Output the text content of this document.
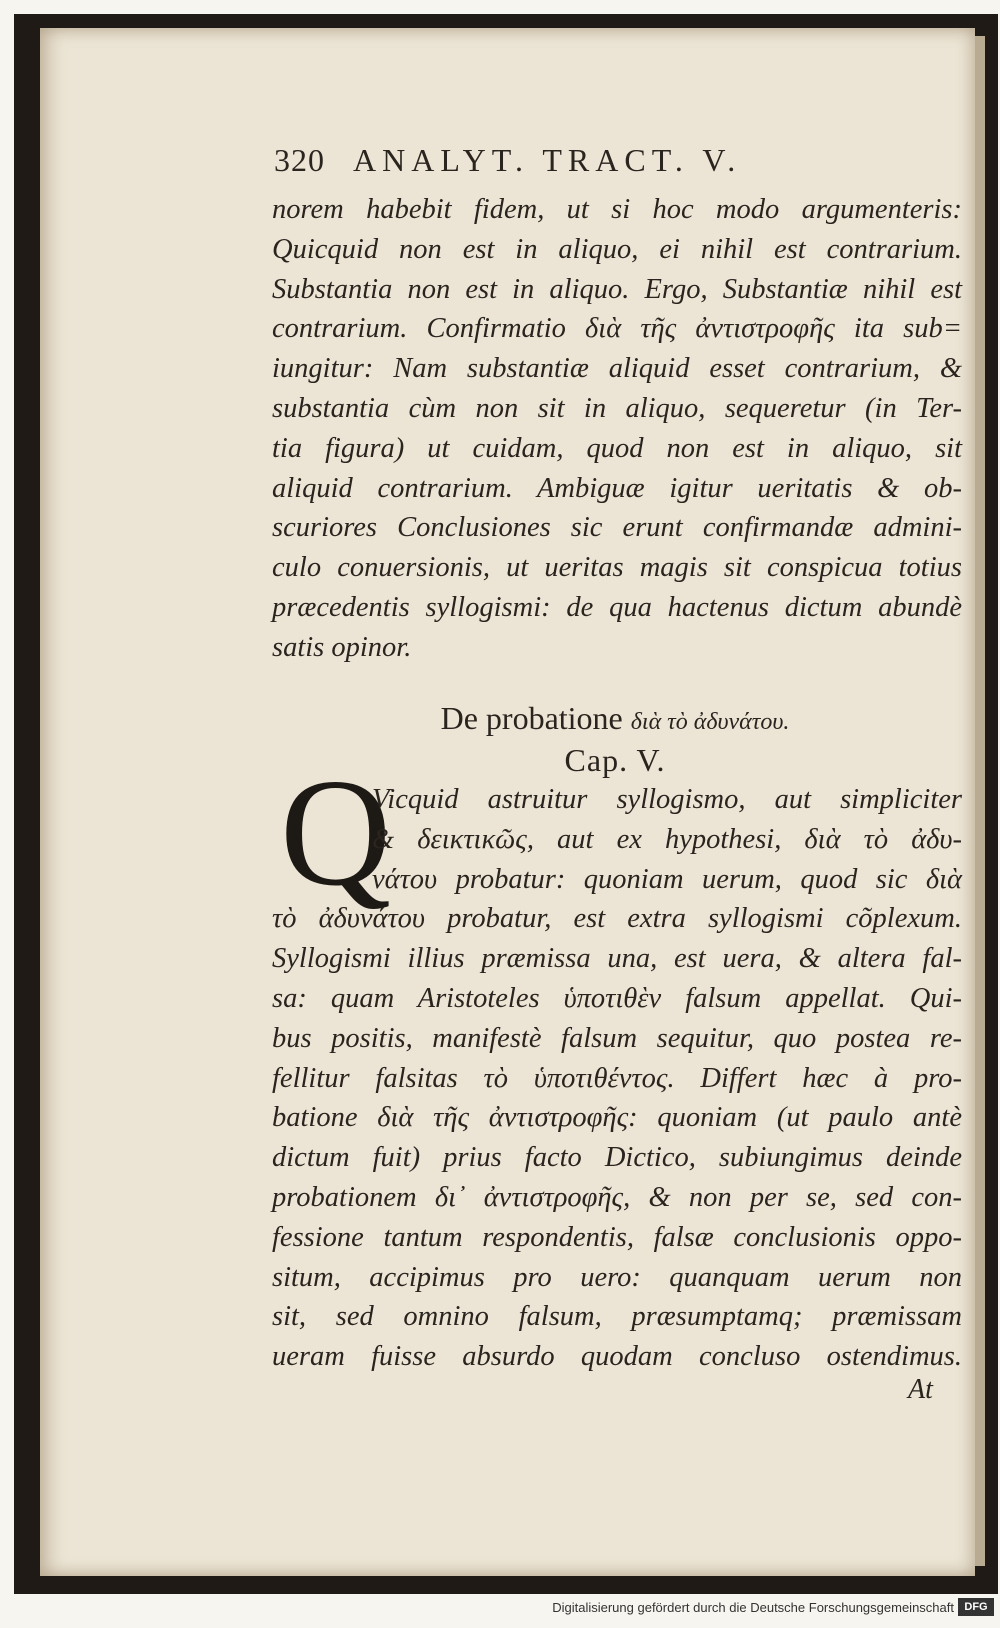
320 ANALYT. TRACT. V.
norem habebit fidem, ut si hoc modo argumenteris:
Quicquid non est in aliquo, ei nihil est contrarium.
Substantia non est in aliquo. Ergo, Substantiæ nihil est
contrarium. Confirmatio διὰ τῆς ἀντιστροφῆς ita sub=
iungitur: Nam substantiæ aliquid esset contrarium, &
substantia cùm non sit in aliquo, sequeretur (in Ter-
tia figura) ut cuidam, quod non est in aliquo, sit
aliquid contrarium. Ambiguæ igitur ueritatis & ob-
scuriores Conclusiones sic erunt confirmandæ admini-
culo conuersionis, ut ueritas magis sit conspicua totius
præcedentis syllogismi: de qua hactenus dictum abundè
satis opinor.
De probatione διὰ τὸ ἀδυνάτου.
Cap. V.
Q
Vicquid astruitur syllogismo, aut simpliciter
& δεικτικῶς, aut ex hypothesi, διὰ τὸ ἀδυ-
νάτου probatur: quoniam uerum, quod sic διὰ
τὸ ἀδυνάτου probatur, est extra syllogismi cõplexum.
Syllogismi illius præmissa una, est uera, & altera fal-
sa: quam Aristoteles ὑποτιθὲν falsum appellat. Qui-
bus positis, manifestè falsum sequitur, quo postea re-
fellitur falsitas τὸ ὑποτιθέντος. Differt hæc à pro-
batione διὰ τῆς ἀντιστροφῆς: quoniam (ut paulo antè
dictum fuit) prius facto Dictico, subiungimus deinde
probationem δι᾽ ἀντιστροφῆς, & non per se, sed con-
fessione tantum respondentis, falsæ conclusionis oppo-
situm, accipimus pro uero: quanquam uerum non
sit, sed omnino falsum, præsumptamq; præmissam
ueram fuisse absurdo quodam concluso ostendimus.
At
Digitalisierung gefördert durch die Deutsche Forschungsgemeinschaft DFG
